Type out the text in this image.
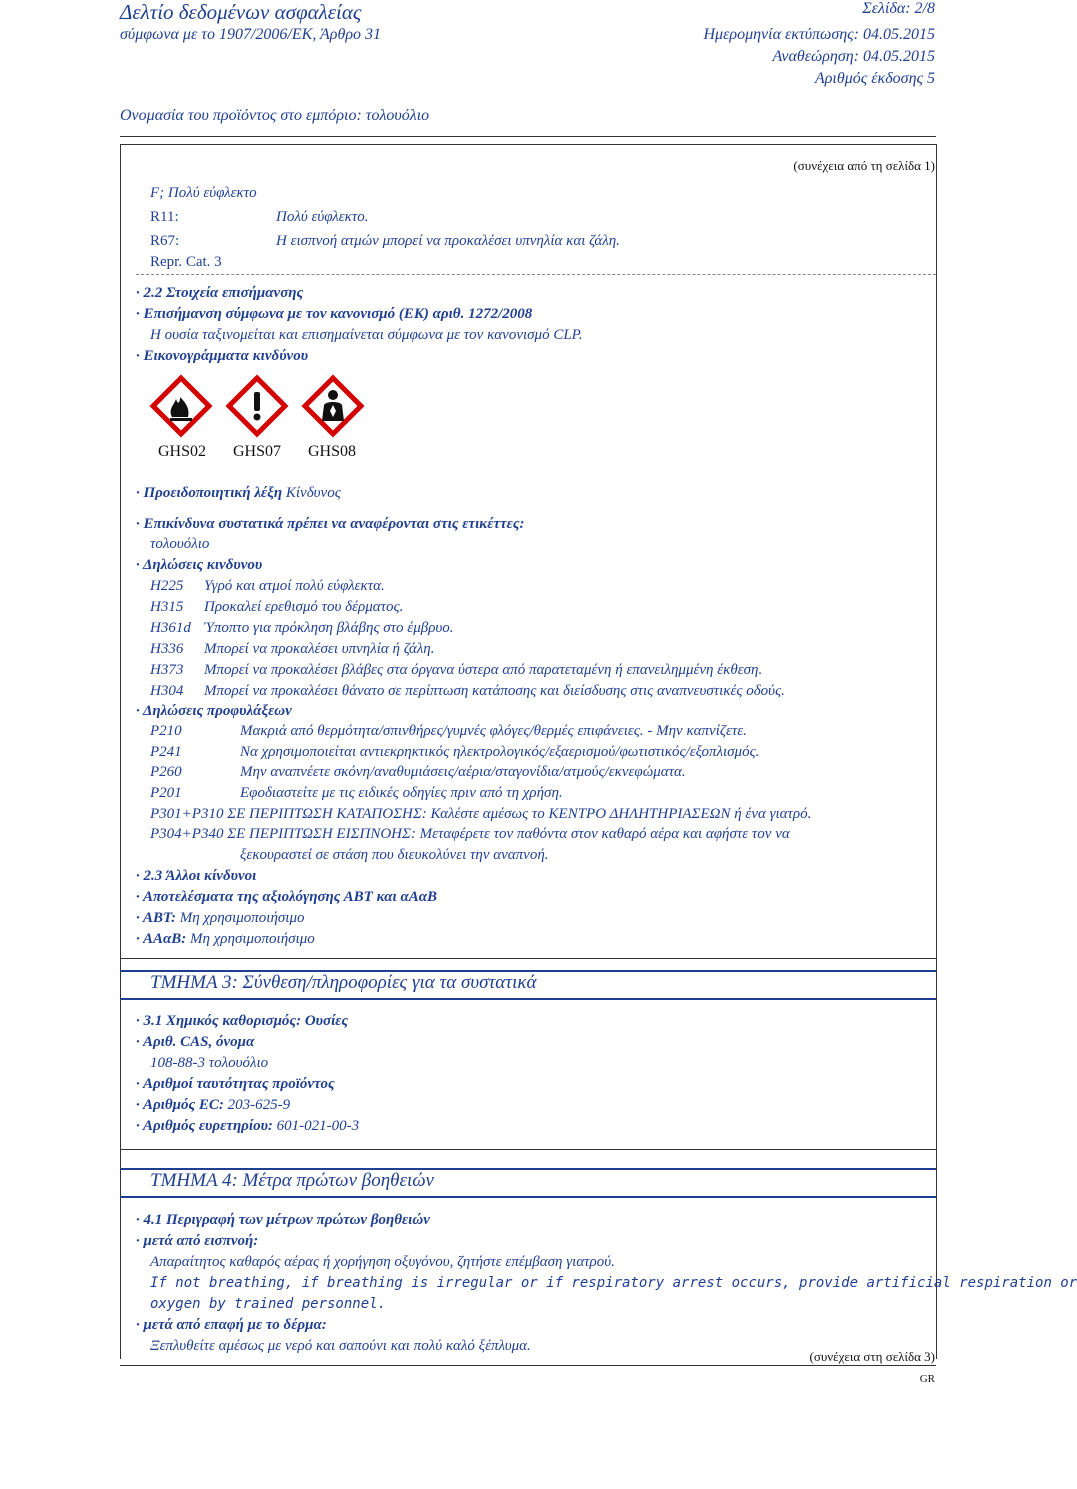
Δελτίο δεδομένων ασφαλείας
σύμφωνα με το 1907/2006/ΕΚ, Άρθρο 31
Σελίδα: 2/8
Ημερομηνία εκτύπωσης: 04.05.2015
Αναθεώρηση: 04.05.2015
Αριθμός έκδοσης 5
Ονομασία του προϊόντος στο εμπόριο: τολουόλιο
(συνέχεια από τη σελίδα 1)
F; Πολύ εύφλεκτο
R11:	Πολύ εύφλεκτο.
R67:	Η εισπνοή ατμών μπορεί να προκαλέσει υπνηλία και ζάλη.
Repr. Cat. 3
· 2.2 Στοιχεία επισήμανσης
· Επισήμανση σύμφωνα με τον κανονισμό (ΕΚ) αριθ. 1272/2008
Η ουσία ταξινομείται και επισημαίνεται σύμφωνα με τον κανονισμό CLP.
· Εικονογράμματα κινδύνου
GHS02 GHS07 GHS08
· Προειδοποιητική λέξη Κίνδυνος
· Επικίνδυνα συστατικά πρέπει να αναφέρονται στις ετικέττες:
τολουόλιο
· Δηλώσεις κινδυνου
H225 Υγρό και ατμοί πολύ εύφλεκτα.
H315 Προκαλεί ερεθισμό του δέρματος.
H361d Ύποπτο για πρόκληση βλάβης στο έμβρυο.
H336 Μπορεί να προκαλέσει υπνηλία ή ζάλη.
H373 Μπορεί να προκαλέσει βλάβες στα όργανα ύστερα από παρατεταμένη ή επανειλημμένη έκθεση.
H304 Μπορεί να προκαλέσει θάνατο σε περίπτωση κατάποσης και διείσδυσης στις αναπνευστικές οδούς.
· Δηλώσεις προφυλάξεων
P210	Μακριά από θερμότητα/σπινθήρες/γυμνές φλόγες/θερμές επιφάνειες. - Μην καπνίζετε.
P241	Να χρησιμοποιείται αντιεκρηκτικός ηλεκτρολογικός/εξαερισμού/φωτιστικός/εξοπλισμός.
P260	Μην αναπνέετε σκόνη/αναθυμιάσεις/αέρια/σταγονίδια/ατμούς/εκνεφώματα.
P201	Εφοδιαστείτε με τις ειδικές οδηγίες πριν από τη χρήση.
P301+P310 ΣΕ ΠΕΡΙΠΤΩΣΗ ΚΑΤΑΠΟΣΗΣ: Καλέστε αμέσως το ΚΕΝΤΡΟ ΔΗΛΗΤΗΡΙΑΣΕΩΝ ή ένα γιατρό.
P304+P340 ΣΕ ΠΕΡΙΠΤΩΣΗ ΕΙΣΠΝΟΗΣ: Μεταφέρετε τον παθόντα στον καθαρό αέρα και αφήστε τον να
ξεκουραστεί σε στάση που διευκολύνει την αναπνοή.
· 2.3 Άλλοι κίνδυνοι
· Αποτελέσματα της αξιολόγησης ΑΒΤ και αΑαΒ
· ΑΒΤ: Μη χρησιμοποιήσιμο
· ΑΑαΒ: Μη χρησιμοποιήσιμο
ΤΜΗΜΑ 3: Σύνθεση/πληροφορίες για τα συστατικά
· 3.1 Χημικός καθορισμός: Ουσίες
· Αριθ. CAS, όνομα
108-88-3 τολουόλιο
· Αριθμοί ταυτότητας προϊόντος
· Αριθμός ΕC: 203-625-9
· Αριθμός ευρετηρίου: 601-021-00-3
ΤΜΗΜΑ 4: Μέτρα πρώτων βοηθειών
· 4.1 Περιγραφή των μέτρων πρώτων βοηθειών
· μετά από εισπνοή:
Απαραίτητος καθαρός αέρας ή χορήγηση οξυγόνου, ζητήστε επέμβαση γιατρού.
If not breathing, if breathing is irregular or if respiratory arrest occurs, provide artificial respiration or
oxygen by trained personnel.
· μετά από επαφή με το δέρμα:
Ξεπλυθείτε αμέσως με νερό και σαπούνι και πολύ καλό ξέπλυμα.
(συνέχεια στη σελίδα 3)
GR
